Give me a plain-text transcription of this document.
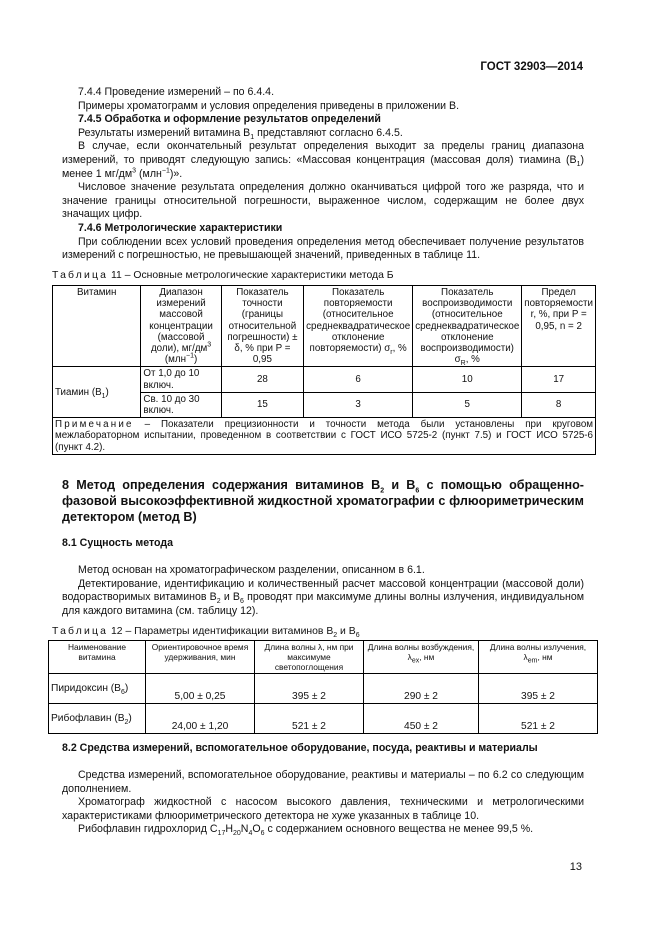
ГОСТ 32903—2014

7.4.4 Проведение измерений – по 6.4.4.

Примеры хроматограмм и условия определения приведены в приложении В.

7.4.5 Обработка и оформление результатов определений

Результаты измерений витамина $В_1$ представляют согласно 6.4.5.

В случае, если окончательный результат определения выходит за пределы границ диапазона измерений, то приводят следующую запись: «Массовая концентрация (массовая доля) тиамина $(В_1)$ менее 1 $мг/дм^3$ (млн$^{-1}$)».

Числовое значение результата определения должно оканчиваться цифрой того же разряда, что и значение границы относительной погрешности, выраженное числом, содержащим не более двух значащих цифр.

7.4.6 Метрологические характеристики

При соблюдении всех условий проведения определения метод обеспечивает получение результатов измерений с погрешностью, не превышающей значений, приведенных в таблице 11.

Таблица 11 – Основные метрологические характеристики метода Б
Витамин	Диапазон измерений массовой концентрации (массовой доли), $мг/дм^3$
(млн$^{-1}$)	Показатель точности (границы относительной погрешности) ± δ, % при P = 0,95	Показатель повторяемости (относительное среднеквадратическое отклонение повторяемости) $\sigma_r$, %	Показатель воспроизводимости (относительное среднеквадратическое отклонение воспроизводимости) $\sigma_R$, %	Предел повторяемости r, %, при P = 0,95, n = 2
Тиамин $(В_1)$	От 1,0 до 10 включ.	28	6	10	17
	Св. 10 до 30 включ.	15	3	5	8
Примечание – Показатели прецизионности и точности метода были установлены при круговом межлабораторном испытании, проведенном в соответствии с ГОСТ ИСО 5725-2 (пункт 7.5) и ГОСТ ИСО 5725-6 (пункт 4.2).					
8 Метод определения содержания витаминов $В_2$ и $В_6$ с помощью обращенно-фазовой высокоэффективной жидкостной хроматографии с флюориметрическим детектором (метод В)
8.1 Сущность метода

Метод основан на хроматографическом разделении, описанном в 6.1.

Детектирование, идентификацию и количественный расчет массовой концентрации (массовой доли) водорастворимых витаминов $В_2$ и $В_6$ проводят при максимуме длины волны излучения, индивидуальном для каждого витамина (см. таблицу 12).

Таблица 12 – Параметры идентификации витаминов $В_2$ и $В_6$
Наименование витамина	Ориентировочное время удерживания, мин	Длина волны λ, нм при максимуме светопоглощения	Длина волны возбуждения, $\lambda_{ex}$, нм	Длина волны излучения, $\lambda_{em}$, нм
Пиридоксин $(В_6)$	5,00 ± 0,25	395 ± 2	290 ± 2	395 ± 2
Рибофлавин $(В_2)$	24,00 ± 1,20	521 ± 2	450 ± 2	521 ± 2
8.2 Средства измерений, вспомогательное оборудование, посуда, реактивы и материалы

Средства измерений, вспомогательное оборудование, реактивы и материалы – по 6.2 со следующим дополнением.

Хроматограф жидкостной с насосом высокого давления, техническими и метрологическими характеристиками флюориметрического детектора не хуже указанных в таблице 10.

Рибофлавин гидрохлорид $C_{17}H_{20}N_4O_6$ с содержанием основного вещества не менее 99,5 %.

13
